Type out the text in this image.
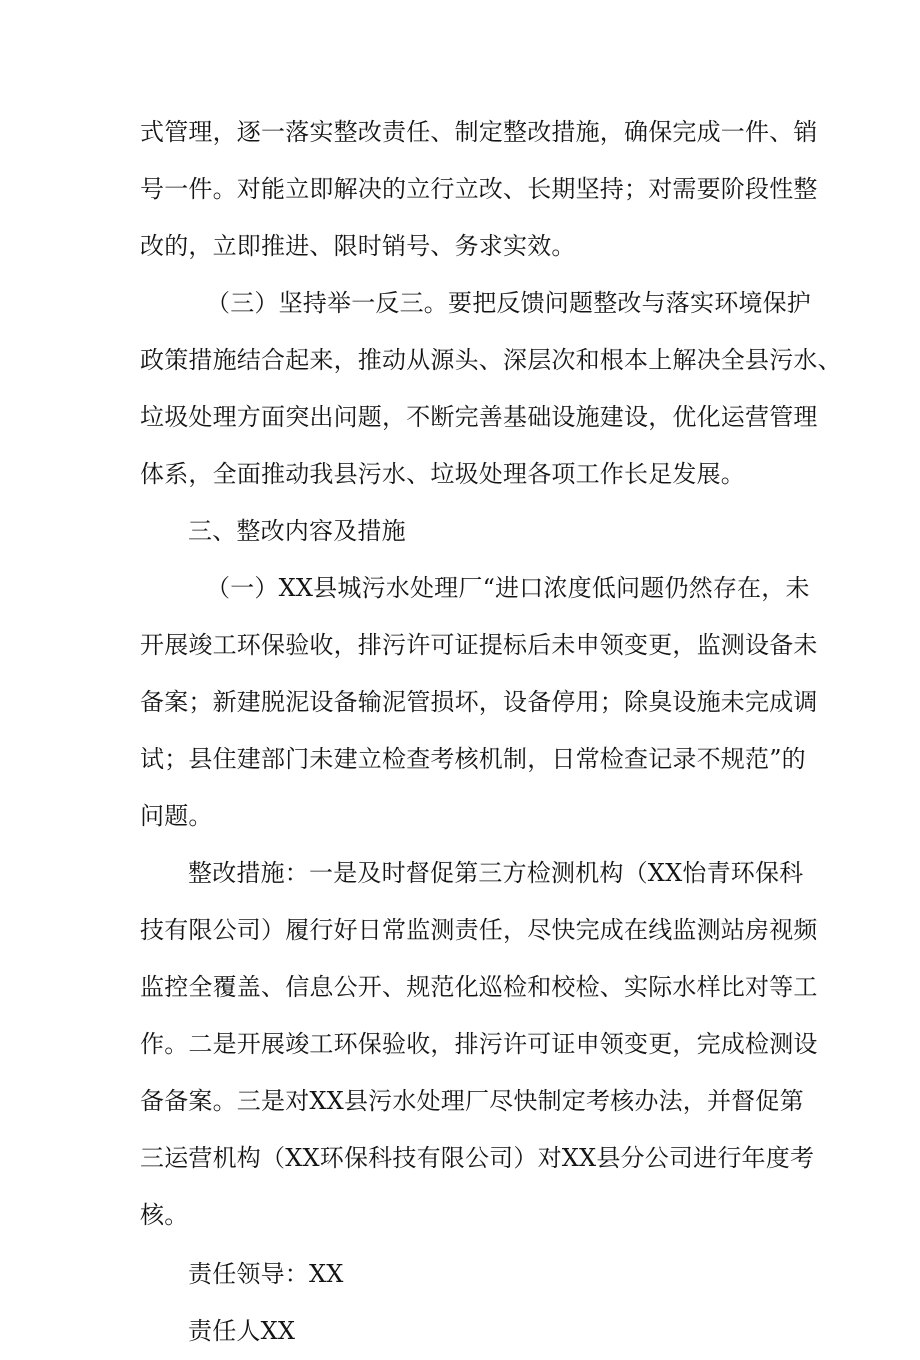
式管理，逐一落实整改责任、制定整改措施，确保完成一件、销
号一件。对能立即解决的立行立改、长期坚持；对需要阶段性整
改的，立即推进、限时销号、务求实效。
（三）坚持举一反三。要把反馈问题整改与落实环境保护
政策措施结合起来，推动从源头、深层次和根本上解决全县污水、
垃圾处理方面突出问题，不断完善基础设施建设，优化运营管理
体系，全面推动我县污水、垃圾处理各项工作长足发展。
三、整改内容及措施
（一）XX县城污水处理厂“进口浓度低问题仍然存在，未
开展竣工环保验收，排污许可证提标后未申领变更，监测设备未
备案；新建脱泥设备输泥管损坏，设备停用；除臭设施未完成调
试；县住建部门未建立检查考核机制，日常检查记录不规范”的
问题。
整改措施：一是及时督促第三方检测机构（XX怡青环保科
技有限公司）履行好日常监测责任，尽快完成在线监测站房视频
监控全覆盖、信息公开、规范化巡检和校检、实际水样比对等工
作。二是开展竣工环保验收，排污许可证申领变更，完成检测设
备备案。三是对XX县污水处理厂尽快制定考核办法，并督促第
三运营机构（XX环保科技有限公司）对XX县分公司进行年度考
核。
责任领导：XX
责任人XX
